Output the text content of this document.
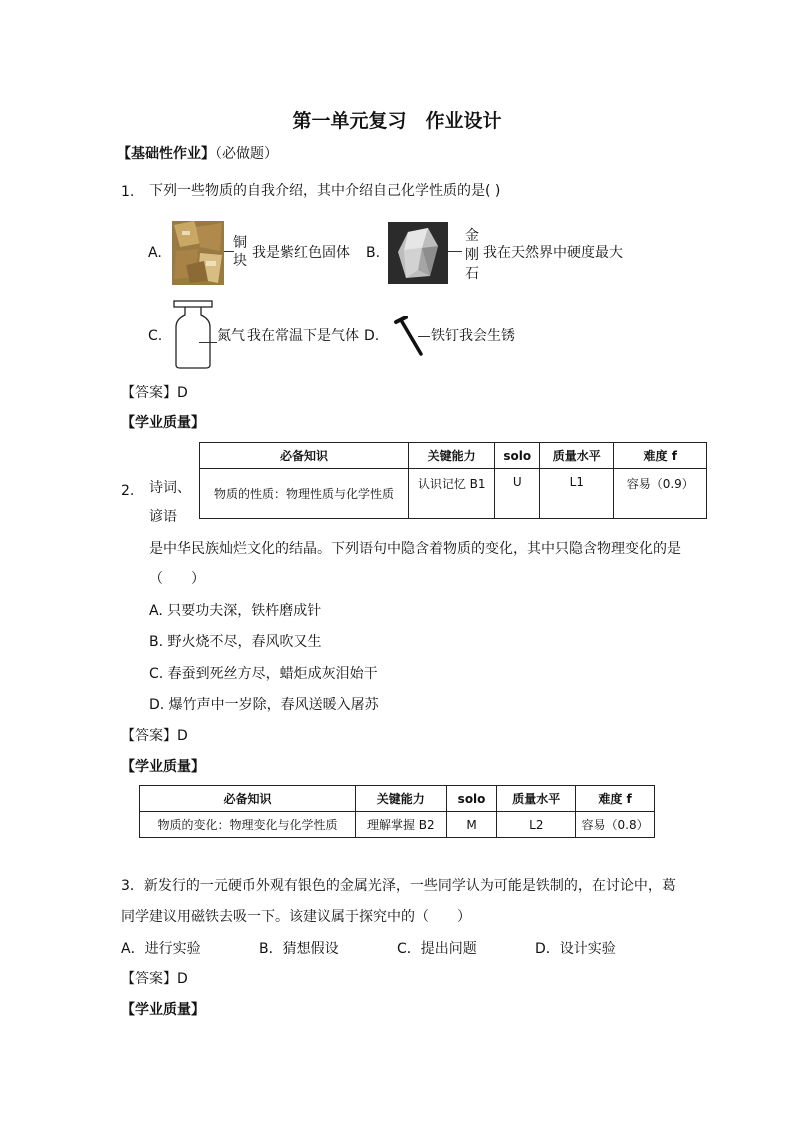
第一单元复习　作业设计
【基础性作业】（必做题）
1. 下列一些物质的自我介绍，其中介绍自己化学性质的是( )
A.
铜
块 我是紫红色固体 B.
金
刚
石
我在天然界中硬度最大
C.	氮气 我在常温下是气体 D.	铁钉 我会生锈
【答案】D
【学业质量】
必备知识	关键能力	solo	质量水平	难度 f
物质的性质：物理性质与化学性质	认识记忆 B1	U	L1	容易（0.9）
2. 诗词、
谚语
是中华民族灿烂文化的结晶。下列语句中隐含着物质的变化，其中只隐含物理变化的是
（　　）
A. 只要功夫深，铁杵磨成针
B. 野火烧不尽，春风吹又生
C. 春蚕到死丝方尽，蜡炬成灰泪始干
D. 爆竹声中一岁除，春风送暖入屠苏
【答案】D
【学业质量】
必备知识	关键能力	solo	质量水平	难度 f
物质的变化：物理变化与化学性质	理解掌握 B2	M	L2	容易（0.8）
3．新发行的一元硬币外观有银色的金属光泽，一些同学认为可能是铁制的，在讨论中，葛
同学建议用磁铁去吸一下。该建议属于探究中的（　　）
A．进行实验	B．猜想假设	C．提出问题	D．设计实验
【答案】D
【学业质量】
